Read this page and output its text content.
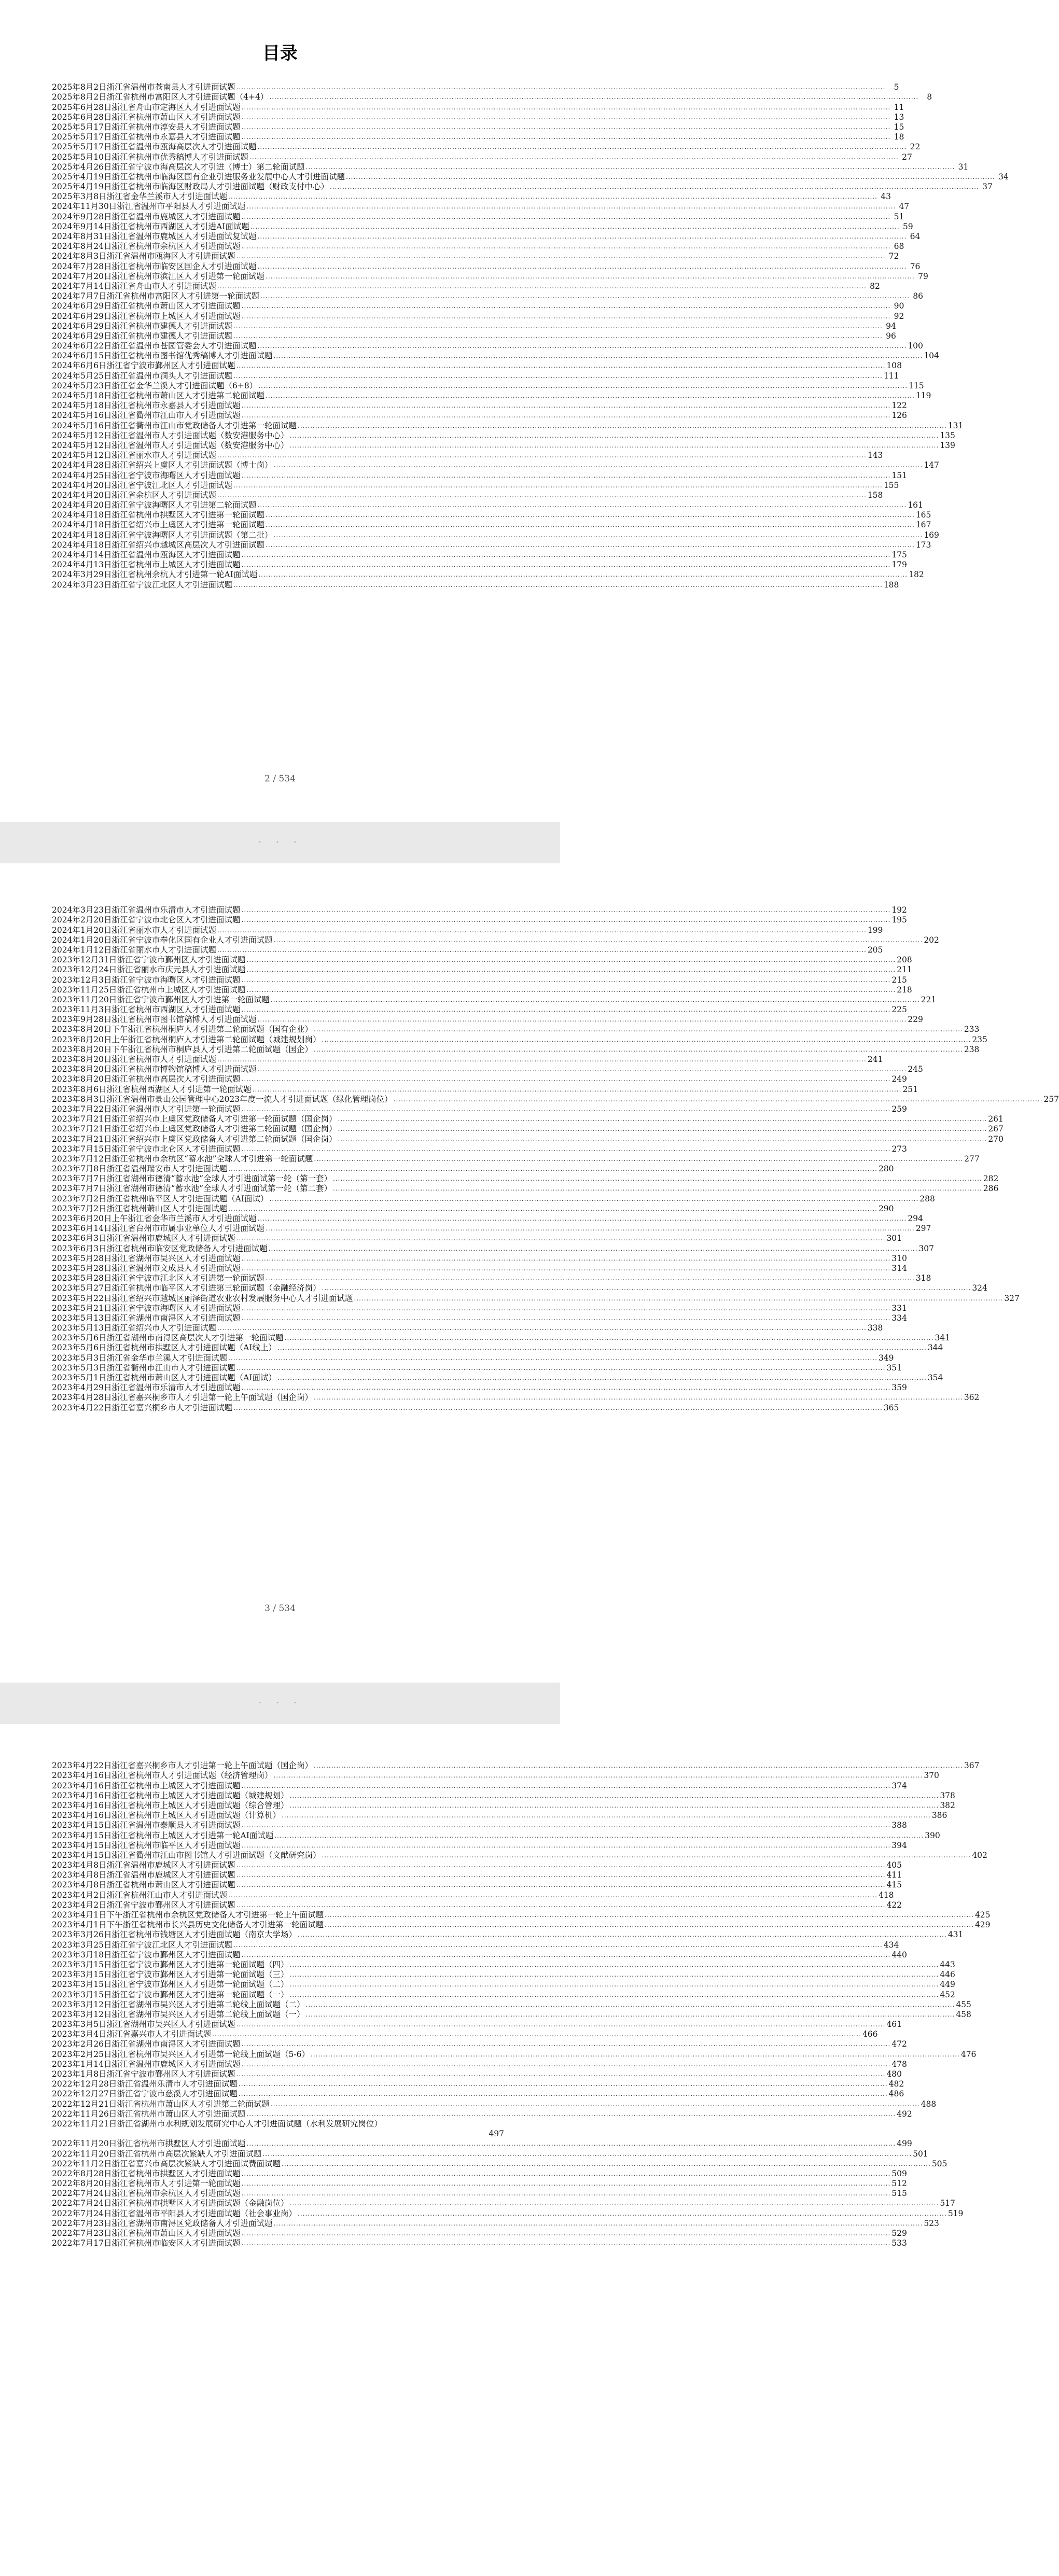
目录
2025年8月2日浙江省温州市苍南县人才引进面试题 ....................................................................................................................................................................................................................................................................	5
2025年8月2日浙江省杭州市富阳区人才引进面试题（4+4） ....................................................................................................................................................................................................................................................................	8
2025年6月28日浙江省舟山市定海区人才引进面试题 .................................................................................................................................................................................................................................................................... 11
2025年6月28日浙江省杭州市萧山区人才引进面试题 .................................................................................................................................................................................................................................................................... 13
2025年5月17日浙江省杭州市淳安县人才引进面试题 .................................................................................................................................................................................................................................................................... 15
2025年5月17日浙江省杭州市永嘉县人才引进面试题 .................................................................................................................................................................................................................................................................... 18
2025年5月17日浙江省温州市瓯海高层次人才引进面试题 .................................................................................................................................................................................................................................................................... 22
2025年5月10日浙江省杭州市优秀稿博人才引进面试题 .................................................................................................................................................................................................................................................................... 27
2025年4月26日浙江省宁波市海高层次人才引进（博士）第二轮面试题 .................................................................................................................................................................................................................................................................... 31
2025年4月19日浙江省杭州市临海区国有企业引进服务业发展中心人才引进面试题 .................................................................................................................................................................................................................................................................... 34
2025年4月19日浙江省杭州市临海区财政局人才引进面试题（财政支付中心） .................................................................................................................................................................................................................................................................... 37
2025年3月8日浙江省金华兰溪市人才引进面试题 .................................................................................................................................................................................................................................................................... 43
2024年11月30日浙江省温州市平阳县人才引进面试题 .................................................................................................................................................................................................................................................................... 47
2024年9月28日浙江省温州市鹿城区人才引进面试题 .................................................................................................................................................................................................................................................................... 51
2024年9月14日浙江省杭州市西湖区人才引进AI面试题 .................................................................................................................................................................................................................................................................... 59
2024年8月31日浙江省温州市鹿城区人才引进面试复试题 .................................................................................................................................................................................................................................................................... 64
2024年8月24日浙江省杭州市余杭区人才引进面试题 .................................................................................................................................................................................................................................................................... 68
2024年8月3日浙江省温州市瓯海区人才引进面试题 .................................................................................................................................................................................................................................................................... 72
2024年7月28日浙江省杭州市临安区国企人才引进面试题 .................................................................................................................................................................................................................................................................... 76
2024年7月20日浙江省杭州市滨江区人才引进第一轮面试题 .................................................................................................................................................................................................................................................................... 79
2024年7月14日浙江省舟山市人才引进面试题 .................................................................................................................................................................................................................................................................... 82
2024年7月7日浙江省杭州市富阳区人才引进第一轮面试题 .................................................................................................................................................................................................................................................................... 86
2024年6月29日浙江省杭州市萧山区人才引进面试题 .................................................................................................................................................................................................................................................................... 90
2024年6月29日浙江省杭州市上城区人才引进面试题 .................................................................................................................................................................................................................................................................... 92
2024年6月29日浙江省杭州市建德人才引进面试题 .................................................................................................................................................................................................................................................................... 94
2024年6月29日浙江省杭州市建德人才引进面试题 .................................................................................................................................................................................................................................................................... 96
2024年6月22日浙江省温州市苍园管委会人才引进面试题 .................................................................................................................................................................................................................................................................... 100
2024年6月15日浙江省杭州市图书馆优秀稿博人才引进面试题 .................................................................................................................................................................................................................................................................... 104
2024年6月6日浙江省宁波市鄞州区人才引进面试题 .................................................................................................................................................................................................................................................................... 108
2024年5月25日浙江省温州市洞头人才引进面试题 .................................................................................................................................................................................................................................................................... 111
2024年5月23日浙江省金华兰溪人才引进面试题（6+8） .................................................................................................................................................................................................................................................................... 115
2024年5月18日浙江省杭州市萧山区人才引进第二轮面试题 .................................................................................................................................................................................................................................................................... 119
2024年5月18日浙江省杭州市永嘉县人才引进面试题 .................................................................................................................................................................................................................................................................... 122
2024年5月16日浙江省衢州市江山市人才引进面试题 .................................................................................................................................................................................................................................................................... 126
2024年5月16日浙江省衢州市江山市党政储备人才引进第一轮面试题 .................................................................................................................................................................................................................................................................... 131
2024年5月12日浙江省温州市人才引进面试题（数安港服务中心） .................................................................................................................................................................................................................................................................... 135
2024年5月12日浙江省温州市人才引进面试题（数安港服务中心） .................................................................................................................................................................................................................................................................... 139
2024年5月12日浙江省丽水市人才引进面试题 .................................................................................................................................................................................................................................................................... 143
2024年4月28日浙江省绍兴上虞区人才引进面试题（博士岗） .................................................................................................................................................................................................................................................................... 147
2024年4月25日浙江省宁波市海曙区人才引进面试题 .................................................................................................................................................................................................................................................................... 151
2024年4月20日浙江省宁波江北区人才引进面试题 .................................................................................................................................................................................................................................................................... 155
2024年4月20日浙江省余杭区人才引进面试题 .................................................................................................................................................................................................................................................................... 158
2024年4月20日浙江省宁波海曙区人才引进第二轮面试题 .................................................................................................................................................................................................................................................................... 161
2024年4月18日浙江省杭州市拱墅区人才引进第一轮面试题 .................................................................................................................................................................................................................................................................... 165
2024年4月18日浙江省绍兴市上虞区人才引进第一轮面试题 .................................................................................................................................................................................................................................................................... 167
2024年4月18日浙江省宁波海曙区人才引进面试题（第二批） .................................................................................................................................................................................................................................................................... 169
2024年4月18日浙江省绍兴市越城区高层次人才引进面试题 .................................................................................................................................................................................................................................................................... 173
2024年4月14日浙江省温州市瓯海区人才引进面试题 .................................................................................................................................................................................................................................................................... 175
2024年4月13日浙江省杭州市上城区人才引进面试题 .................................................................................................................................................................................................................................................................... 179
2024年3月29日浙江省杭州余杭人才引进第一轮AI面试题 .................................................................................................................................................................................................................................................................... 182
2024年3月23日浙江省宁波江北区人才引进面试题 .................................................................................................................................................................................................................................................................... 188
2 / 534
· · ·
2024年3月23日浙江省温州市乐清市人才引进面试题 .................................................................................................................................................................................................................................................................... 192
2024年2月20日浙江省宁波市北仑区人才引进面试题 .................................................................................................................................................................................................................................................................... 195
2024年1月20日浙江省丽水市人才引进面试题 .................................................................................................................................................................................................................................................................... 199
2024年1月20日浙江省宁波市奉化区国有企业人才引进面试题 .................................................................................................................................................................................................................................................................... 202
2024年1月12日浙江省丽水市人才引进面试题 .................................................................................................................................................................................................................................................................... 205
2023年12月31日浙江省宁波市鄞州区人才引进面试题 .................................................................................................................................................................................................................................................................... 208
2023年12月24日浙江省丽水市庆元县人才引进面试题 .................................................................................................................................................................................................................................................................... 211
2023年12月3日浙江省宁波市海曙区人才引进面试题 .................................................................................................................................................................................................................................................................... 215
2023年11月25日浙江省杭州市上城区人才引进面试题 .................................................................................................................................................................................................................................................................... 218
2023年11月20日浙江省宁波市鄞州区人才引进第一轮面试题 .................................................................................................................................................................................................................................................................... 221
2023年11月3日浙江省杭州市西湖区人才引进面试题 .................................................................................................................................................................................................................................................................... 225
2023年9月28日浙江省杭州市图书馆稿博人才引进面试题 .................................................................................................................................................................................................................................................................... 229
2023年8月20日下午浙江省杭州桐庐人才引进第二轮面试题（国有企业） .................................................................................................................................................................................................................................................................... 233
2023年8月20日上午浙江省杭州桐庐人才引进第二轮面试题（城建规划岗） .................................................................................................................................................................................................................................................................... 235
2023年8月20日下午浙江省杭州市桐庐县人才引进第二轮面试题（国企） .................................................................................................................................................................................................................................................................... 238
2023年8月20日浙江省杭州市人才引进面试题 .................................................................................................................................................................................................................................................................... 241
2023年8月20日浙江省杭州市博物馆稿博人才引进面试题 .................................................................................................................................................................................................................................................................... 245
2023年8月20日浙江省杭州市高层次人才引进面试题 .................................................................................................................................................................................................................................................................... 249
2023年8月6日浙江省杭州西湖区人才引进第一轮面试题 .................................................................................................................................................................................................................................................................... 251
2023年8月3日浙江省温州市景山公园管理中心2023年度一流人才引进面试题（绿化管理岗位） .................................................................................................................................................................................................................................................................... 257
2023年7月22日浙江省温州市人才引进第一轮面试题 .................................................................................................................................................................................................................................................................... 259
2023年7月21日浙江省绍兴市上虞区党政储备人才引进第一轮面试题（国企岗） .................................................................................................................................................................................................................................................................... 261
2023年7月21日浙江省绍兴市上虞区党政储备人才引进第二轮面试题（国企岗） .................................................................................................................................................................................................................................................................... 267
2023年7月21日浙江省绍兴市上虞区党政储备人才引进第二轮面试题（国企岗） .................................................................................................................................................................................................................................................................... 270
2023年7月15日浙江省宁波市北仑区人才引进面试题 .................................................................................................................................................................................................................................................................... 273
2023年7月12日浙江省杭州市余杭区“蓄水池”全球人才引进第一轮面试题 .................................................................................................................................................................................................................................................................... 277
2023年7月8日浙江省温州瑞安市人才引进面试题 .................................................................................................................................................................................................................................................................... 280
2023年7月7日浙江省湖州市德清“蓄水池”全球人才引进面试第一轮（第一套） .................................................................................................................................................................................................................................................................... 282
2023年7月7日浙江省湖州市德清“蓄水池”全球人才引进面试第一轮（第二套） .................................................................................................................................................................................................................................................................... 286
2023年7月2日浙江省杭州临平区人才引进面试题（AI面试） .................................................................................................................................................................................................................................................................... 288
2023年7月2日浙江省杭州萧山区人才引进面试题 .................................................................................................................................................................................................................................................................... 290
2023年6月20日上午浙江省金华市兰溪市人才引进面试题 .................................................................................................................................................................................................................................................................... 294
2023年6月14日浙江省台州市市属事业单位人才引进面试题 .................................................................................................................................................................................................................................................................... 297
2023年6月3日浙江省温州市鹿城区人才引进面试题 .................................................................................................................................................................................................................................................................... 301
2023年6月3日浙江省杭州市临安区党政储备人才引进面试题 .................................................................................................................................................................................................................................................................... 307
2023年5月28日浙江省湖州市吴兴区人才引进面试题 .................................................................................................................................................................................................................................................................... 310
2023年5月28日浙江省温州市文成县人才引进面试题 .................................................................................................................................................................................................................................................................... 314
2023年5月28日浙江省宁波市江北区人才引进第一轮面试题 .................................................................................................................................................................................................................................................................... 318
2023年5月27日浙江省杭州市临平区人才引进第三轮面试题（金融经济岗） .................................................................................................................................................................................................................................................................... 324
2023年5月22日浙江省绍兴市越城区丽泽街道农业农村发展服务中心人才引进面试题 .................................................................................................................................................................................................................................................................... 327
2023年5月21日浙江省宁波市海曙区人才引进面试题 .................................................................................................................................................................................................................................................................... 331
2023年5月13日浙江省湖州市南浔区人才引进面试题 .................................................................................................................................................................................................................................................................... 334
2023年5月13日浙江省绍兴市人才引进面试题 .................................................................................................................................................................................................................................................................... 338
2023年5月6日浙江省湖州市南浔区高层次人才引进第一轮面试题 .................................................................................................................................................................................................................................................................... 341
2023年5月6日浙江省杭州市拱墅区人才引进面试题（AI线上） .................................................................................................................................................................................................................................................................... 344
2023年5月3日浙江省金华市兰溪人才引进面试题 .................................................................................................................................................................................................................................................................... 349
2023年5月3日浙江省衢州市江山市人才引进面试题 .................................................................................................................................................................................................................................................................... 351
2023年5月1日浙江省杭州市萧山区人才引进面试题（AI面试） .................................................................................................................................................................................................................................................................... 354
2023年4月29日浙江省温州市乐清市人才引进面试题 .................................................................................................................................................................................................................................................................... 359
2023年4月28日浙江省嘉兴桐乡市人才引进第一轮上午面试题（国企岗） .................................................................................................................................................................................................................................................................... 362
2023年4月22日浙江省嘉兴桐乡市人才引进面试题 .................................................................................................................................................................................................................................................................... 365
3 / 534
· · ·
2023年4月22日浙江省嘉兴桐乡市人才引进第一轮上午面试题（国企岗） .................................................................................................................................................................................................................................................................... 367
2023年4月16日浙江省杭州市人才引进面试题（经济管理岗） .................................................................................................................................................................................................................................................................... 370
2023年4月16日浙江省杭州市上城区人才引进面试题 .................................................................................................................................................................................................................................................................... 374
2023年4月16日浙江省杭州市上城区人才引进面试题（城建规划） .................................................................................................................................................................................................................................................................... 378
2023年4月16日浙江省杭州市上城区人才引进面试题（综合管理） .................................................................................................................................................................................................................................................................... 382
2023年4月16日浙江省杭州市上城区人才引进面试题（计算机） .................................................................................................................................................................................................................................................................... 386
2023年4月15日浙江省温州市泰顺县人才引进面试题 .................................................................................................................................................................................................................................................................... 388
2023年4月15日浙江省杭州市上城区人才引进第一轮AI面试题 .................................................................................................................................................................................................................................................................... 390
2023年4月15日浙江省杭州市临平区人才引进面试题 .................................................................................................................................................................................................................................................................... 394
2023年4月15日浙江省衢州市江山市图书馆人才引进面试题（文献研究岗） .................................................................................................................................................................................................................................................................... 402
2023年4月8日浙江省温州市鹿城区人才引进面试题 .................................................................................................................................................................................................................................................................... 405
2023年4月8日浙江省温州市鹿城区人才引进面试题 .................................................................................................................................................................................................................................................................... 411
2023年4月8日浙江省杭州市萧山区人才引进面试题 .................................................................................................................................................................................................................................................................... 415
2023年4月2日浙江省杭州江山市人才引进面试题 .................................................................................................................................................................................................................................................................... 418
2023年4月2日浙江省宁波市鄞州区人才引进面试题 .................................................................................................................................................................................................................................................................... 422
2023年4月1日下午浙江省杭州市余杭区党政储备人才引进第一轮上午面试题 .................................................................................................................................................................................................................................................................... 425
2023年4月1日下午浙江省杭州市长兴县历史文化储备人才引进第一轮面试题 .................................................................................................................................................................................................................................................................... 429
2023年3月26日浙江省杭州市钱塘区人才引进面试题（南京大学场） .................................................................................................................................................................................................................................................................... 431
2023年3月25日浙江省宁波江北区人才引进面试题 .................................................................................................................................................................................................................................................................... 434
2023年3月18日浙江省宁波市鄞州区人才引进面试题 .................................................................................................................................................................................................................................................................... 440
2023年3月15日浙江省宁波市鄞州区人才引进第一轮面试题（四） .................................................................................................................................................................................................................................................................... 443
2023年3月15日浙江省宁波市鄞州区人才引进第一轮面试题（三） .................................................................................................................................................................................................................................................................... 446
2023年3月15日浙江省宁波市鄞州区人才引进第一轮面试题（二） .................................................................................................................................................................................................................................................................... 449
2023年3月15日浙江省宁波市鄞州区人才引进第一轮面试题（一） .................................................................................................................................................................................................................................................................... 452
2023年3月12日浙江省湖州市吴兴区人才引进第二轮线上面试题（二） .................................................................................................................................................................................................................................................................... 455
2023年3月12日浙江省湖州市吴兴区人才引进第二轮线上面试题（一） .................................................................................................................................................................................................................................................................... 458
2023年3月5日浙江省湖州市吴兴区人才引进面试题 .................................................................................................................................................................................................................................................................... 461
2023年3月4日浙江省嘉兴市人才引进面试题 .................................................................................................................................................................................................................................................................... 466
2023年2月26日浙江省湖州市南浔区人才引进面试题 .................................................................................................................................................................................................................................................................... 472
2023年2月25日浙江省杭州市吴兴区人才引进第一轮线上面试题（5-6） .................................................................................................................................................................................................................................................................... 476
2023年1月14日浙江省温州市鹿城区人才引进面试题 .................................................................................................................................................................................................................................................................... 478
2023年1月8日浙江省宁波市鄞州区人才引进面试题 .................................................................................................................................................................................................................................................................... 480
2022年12月28日浙江省温州乐清市人才引进面试题 .................................................................................................................................................................................................................................................................... 482
2022年12月27日浙江省宁波市慈溪人才引进面试题 .................................................................................................................................................................................................................................................................... 486
2022年12月21日浙江省杭州市萧山区人才引进第二轮面试题 .................................................................................................................................................................................................................................................................... 488
2022年11月26日浙江省杭州市萧山区人才引进面试题 .................................................................................................................................................................................................................................................................... 492
2022年11月21日浙江省湖州市水利规划发展研究中心人才引进面试题（水利发展研究岗位）
497
2022年11月20日浙江省杭州市拱墅区人才引进面试题 .................................................................................................................................................................................................................................................................... 499
2022年11月20日浙江省杭州市高层次紧缺人才引进面试题 .................................................................................................................................................................................................................................................................... 501
2022年11月2日浙江省嘉兴市高层次紧缺人才引进面试费面试题 .................................................................................................................................................................................................................................................................... 505
2022年8月28日浙江省杭州市拱墅区人才引进面试题 .................................................................................................................................................................................................................................................................... 509
2022年8月20日浙江省杭州市人才引进第一轮面试题 .................................................................................................................................................................................................................................................................... 512
2022年7月24日浙江省杭州市余杭区人才引进面试题 .................................................................................................................................................................................................................................................................... 515
2022年7月24日浙江省杭州市拱墅区人才引进面试题（金融岗位） .................................................................................................................................................................................................................................................................... 517
2022年7月24日浙江省温州市平阳县人才引进面试题（社会事业岗） .................................................................................................................................................................................................................................................................... 519
2022年7月23日浙江省湖州市南浔区党政储备人才引进面试题 .................................................................................................................................................................................................................................................................... 523
2022年7月23日浙江省杭州市萧山区人才引进面试题 .................................................................................................................................................................................................................................................................... 529
2022年7月17日浙江省杭州市临安区人才引进面试题 .................................................................................................................................................................................................................................................................... 533
